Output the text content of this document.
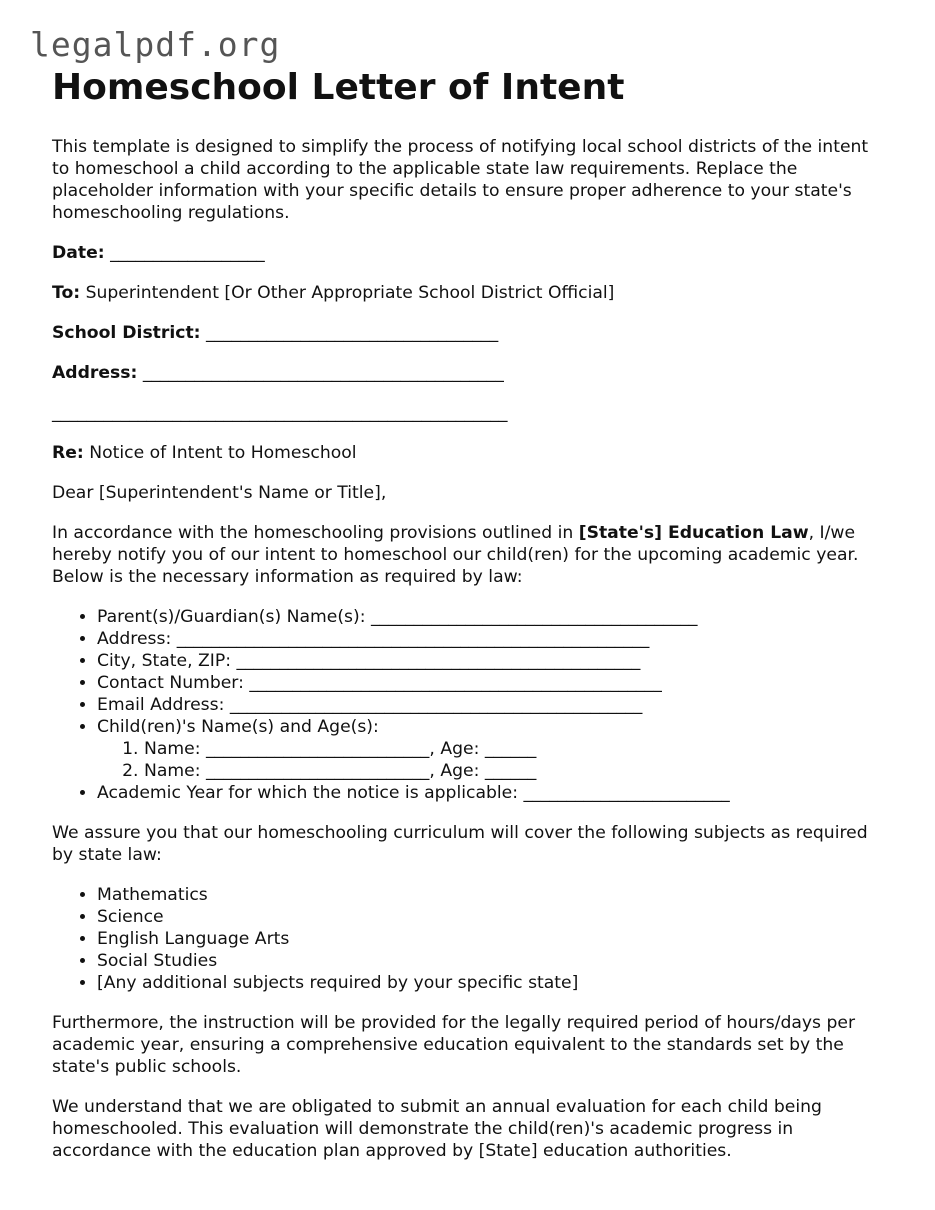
legalpdf.org
Homeschool Letter of Intent

This template is designed to simplify the process of notifying local school districts of the intent to homeschool a child according to the applicable state law requirements. Replace the placeholder information with your specific details to ensure proper adherence to your state's homeschooling regulations.

Date: __________________
To: Superintendent [Or Other Appropriate School District Official]
School District: __________________________________
Address: __________________________________________
_____________________________________________________
Re: Notice of Intent to Homeschool

Dear [Superintendent's Name or Title],

In accordance with the homeschooling provisions outlined in [State's] Education Law, I/we hereby notify you of our intent to homeschool our child(ren) for the upcoming academic year. Below is the necessary information as required by law:

• Parent(s)/Guardian(s) Name(s): ______________________________________
• Address: _______________________________________________________
• City, State, ZIP: _______________________________________________
• Contact Number: ________________________________________________
• Email Address: ________________________________________________
• Child(ren)'s Name(s) and Age(s):
1. Name: __________________________, Age: ______
2. Name: __________________________, Age: ______
• Academic Year for which the notice is applicable: ________________________

We assure you that our homeschooling curriculum will cover the following subjects as required by state law:

• Mathematics
• Science
• English Language Arts
• Social Studies
• [Any additional subjects required by your specific state]

Furthermore, the instruction will be provided for the legally required period of hours/days per academic year, ensuring a comprehensive education equivalent to the standards set by the state's public schools.

We understand that we are obligated to submit an annual evaluation for each child being homeschooled. This evaluation will demonstrate the child(ren)'s academic progress in accordance with the education plan approved by [State] education authorities.
